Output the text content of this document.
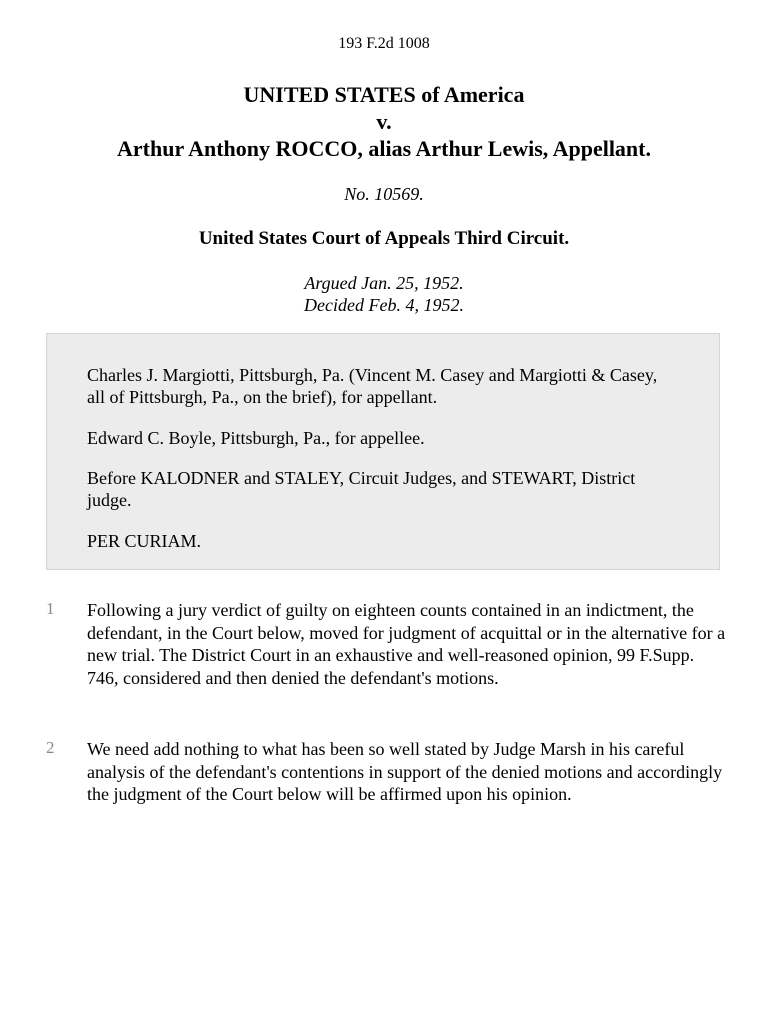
193 F.2d 1008
UNITED STATES of America
v.
Arthur Anthony ROCCO, alias Arthur Lewis, Appellant.
No. 10569.
United States Court of Appeals Third Circuit.
Argued Jan. 25, 1952.
Decided Feb. 4, 1952.

Charles J. Margiotti, Pittsburgh, Pa. (Vincent M. Casey and Margiotti & Casey, all of Pittsburgh, Pa., on the brief), for appellant.

Edward C. Boyle, Pittsburgh, Pa., for appellee.

Before KALODNER and STALEY, Circuit Judges, and STEWART, District judge.

PER CURIAM.

1 Following a jury verdict of guilty on eighteen counts contained in an indictment, the defendant, in the Court below, moved for judgment of acquittal or in the alternative for a new trial. The District Court in an exhaustive and well-reasoned opinion, 99 F.Supp. 746, considered and then denied the defendant's motions.

2 We need add nothing to what has been so well stated by Judge Marsh in his careful analysis of the defendant's contentions in support of the denied motions and accordingly the judgment of the Court below will be affirmed upon his opinion.
